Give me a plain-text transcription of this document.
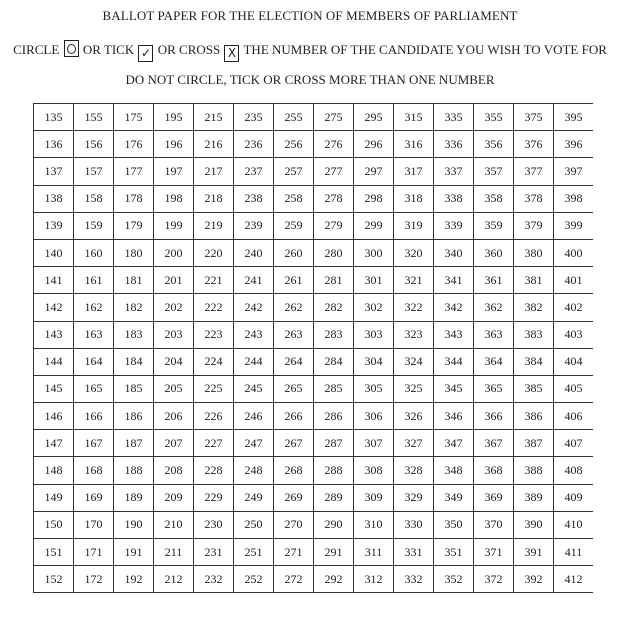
BALLOT PAPER FOR THE ELECTION OF MEMBERS OF PARLIAMENT
CIRCLE OR TICK ✓ OR CROSS X THE NUMBER OF THE CANDIDATE YOU WISH TO VOTE FOR
DO NOT CIRCLE, TICK OR CROSS MORE THAN ONE NUMBER
135	155	175	195	215	235	255	275	295	315	335	355	375	395
136	156	176	196	216	236	256	276	296	316	336	356	376	396
137	157	177	197	217	237	257	277	297	317	337	357	377	397
138	158	178	198	218	238	258	278	298	318	338	358	378	398
139	159	179	199	219	239	259	279	299	319	339	359	379	399
140	160	180	200	220	240	260	280	300	320	340	360	380	400
141	161	181	201	221	241	261	281	301	321	341	361	381	401
142	162	182	202	222	242	262	282	302	322	342	362	382	402
143	163	183	203	223	243	263	283	303	323	343	363	383	403
144	164	184	204	224	244	264	284	304	324	344	364	384	404
145	165	185	205	225	245	265	285	305	325	345	365	385	405
146	166	186	206	226	246	266	286	306	326	346	366	386	406
147	167	187	207	227	247	267	287	307	327	347	367	387	407
148	168	188	208	228	248	268	288	308	328	348	368	388	408
149	169	189	209	229	249	269	289	309	329	349	369	389	409
150	170	190	210	230	250	270	290	310	330	350	370	390	410
151	171	191	211	231	251	271	291	311	331	351	371	391	411
152	172	192	212	232	252	272	292	312	332	352	372	392	412
